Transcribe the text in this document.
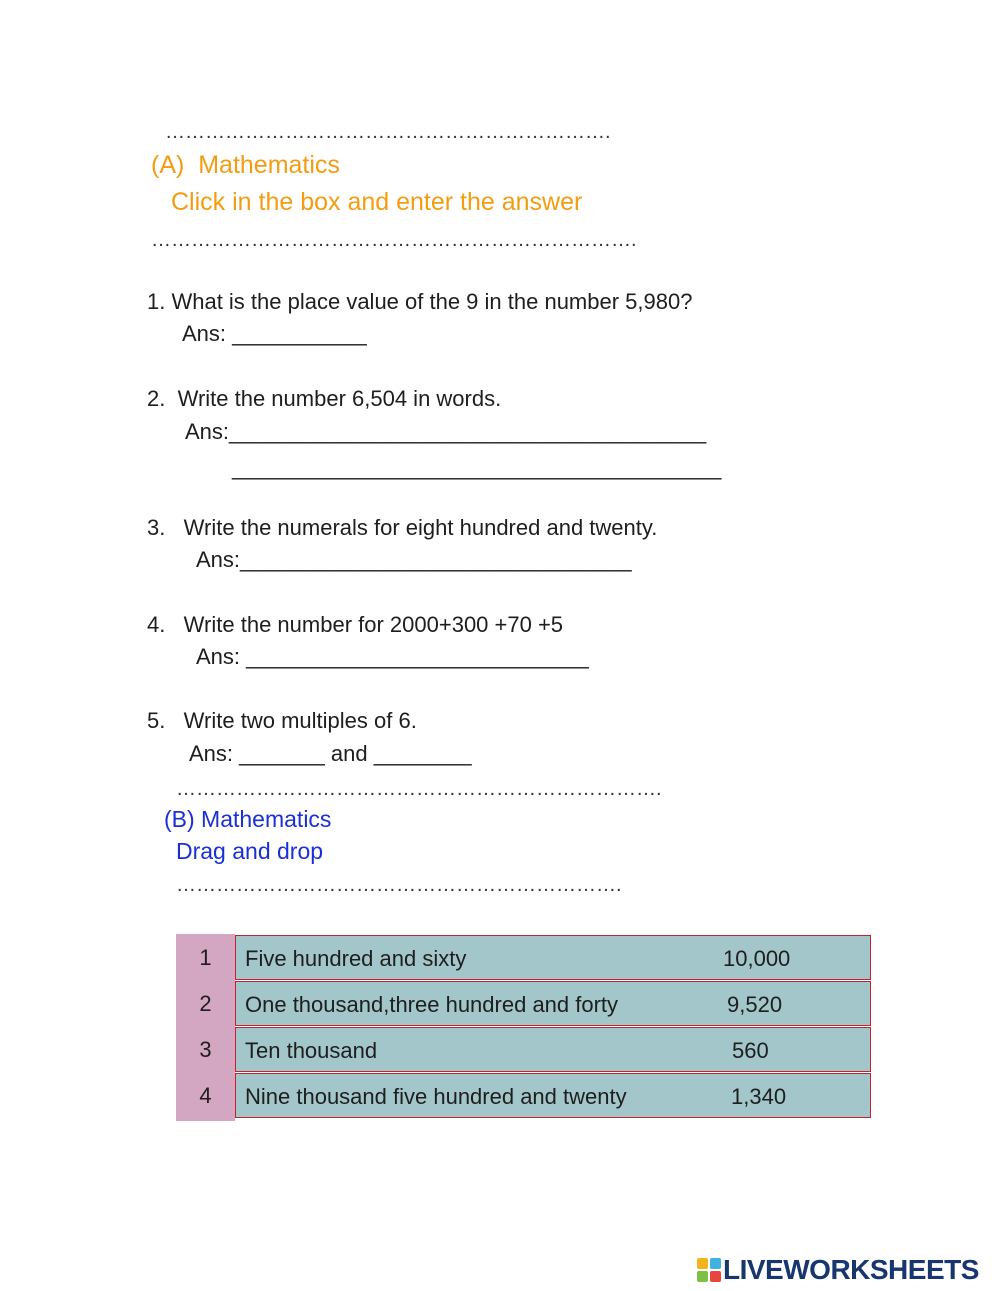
………………………………………………………….
(A)  Mathematics
Click in the box and enter the answer
……………………………………………………………….
1. What is the place value of the 9 in the number 5,980?
Ans: ___________
2.  Write the number 6,504 in words.
Ans:_______________________________________
________________________________________
3.   Write the numerals for eight hundred and twenty.
Ans:________________________________
4.   Write the number for 2000+300 +70 +5
Ans: ____________________________
5.   Write two multiples of 6.
Ans: _______ and ________
……………………………………………………………….
(B) Mathematics
Drag and drop
………………………………………………………….
1	Five hundred and sixty	10,000
2	One thousand,three hundred and forty	9,520
3	Ten thousand	560
4	Nine thousand five hundred and twenty	1,340
LIVEWORKSHEETS
